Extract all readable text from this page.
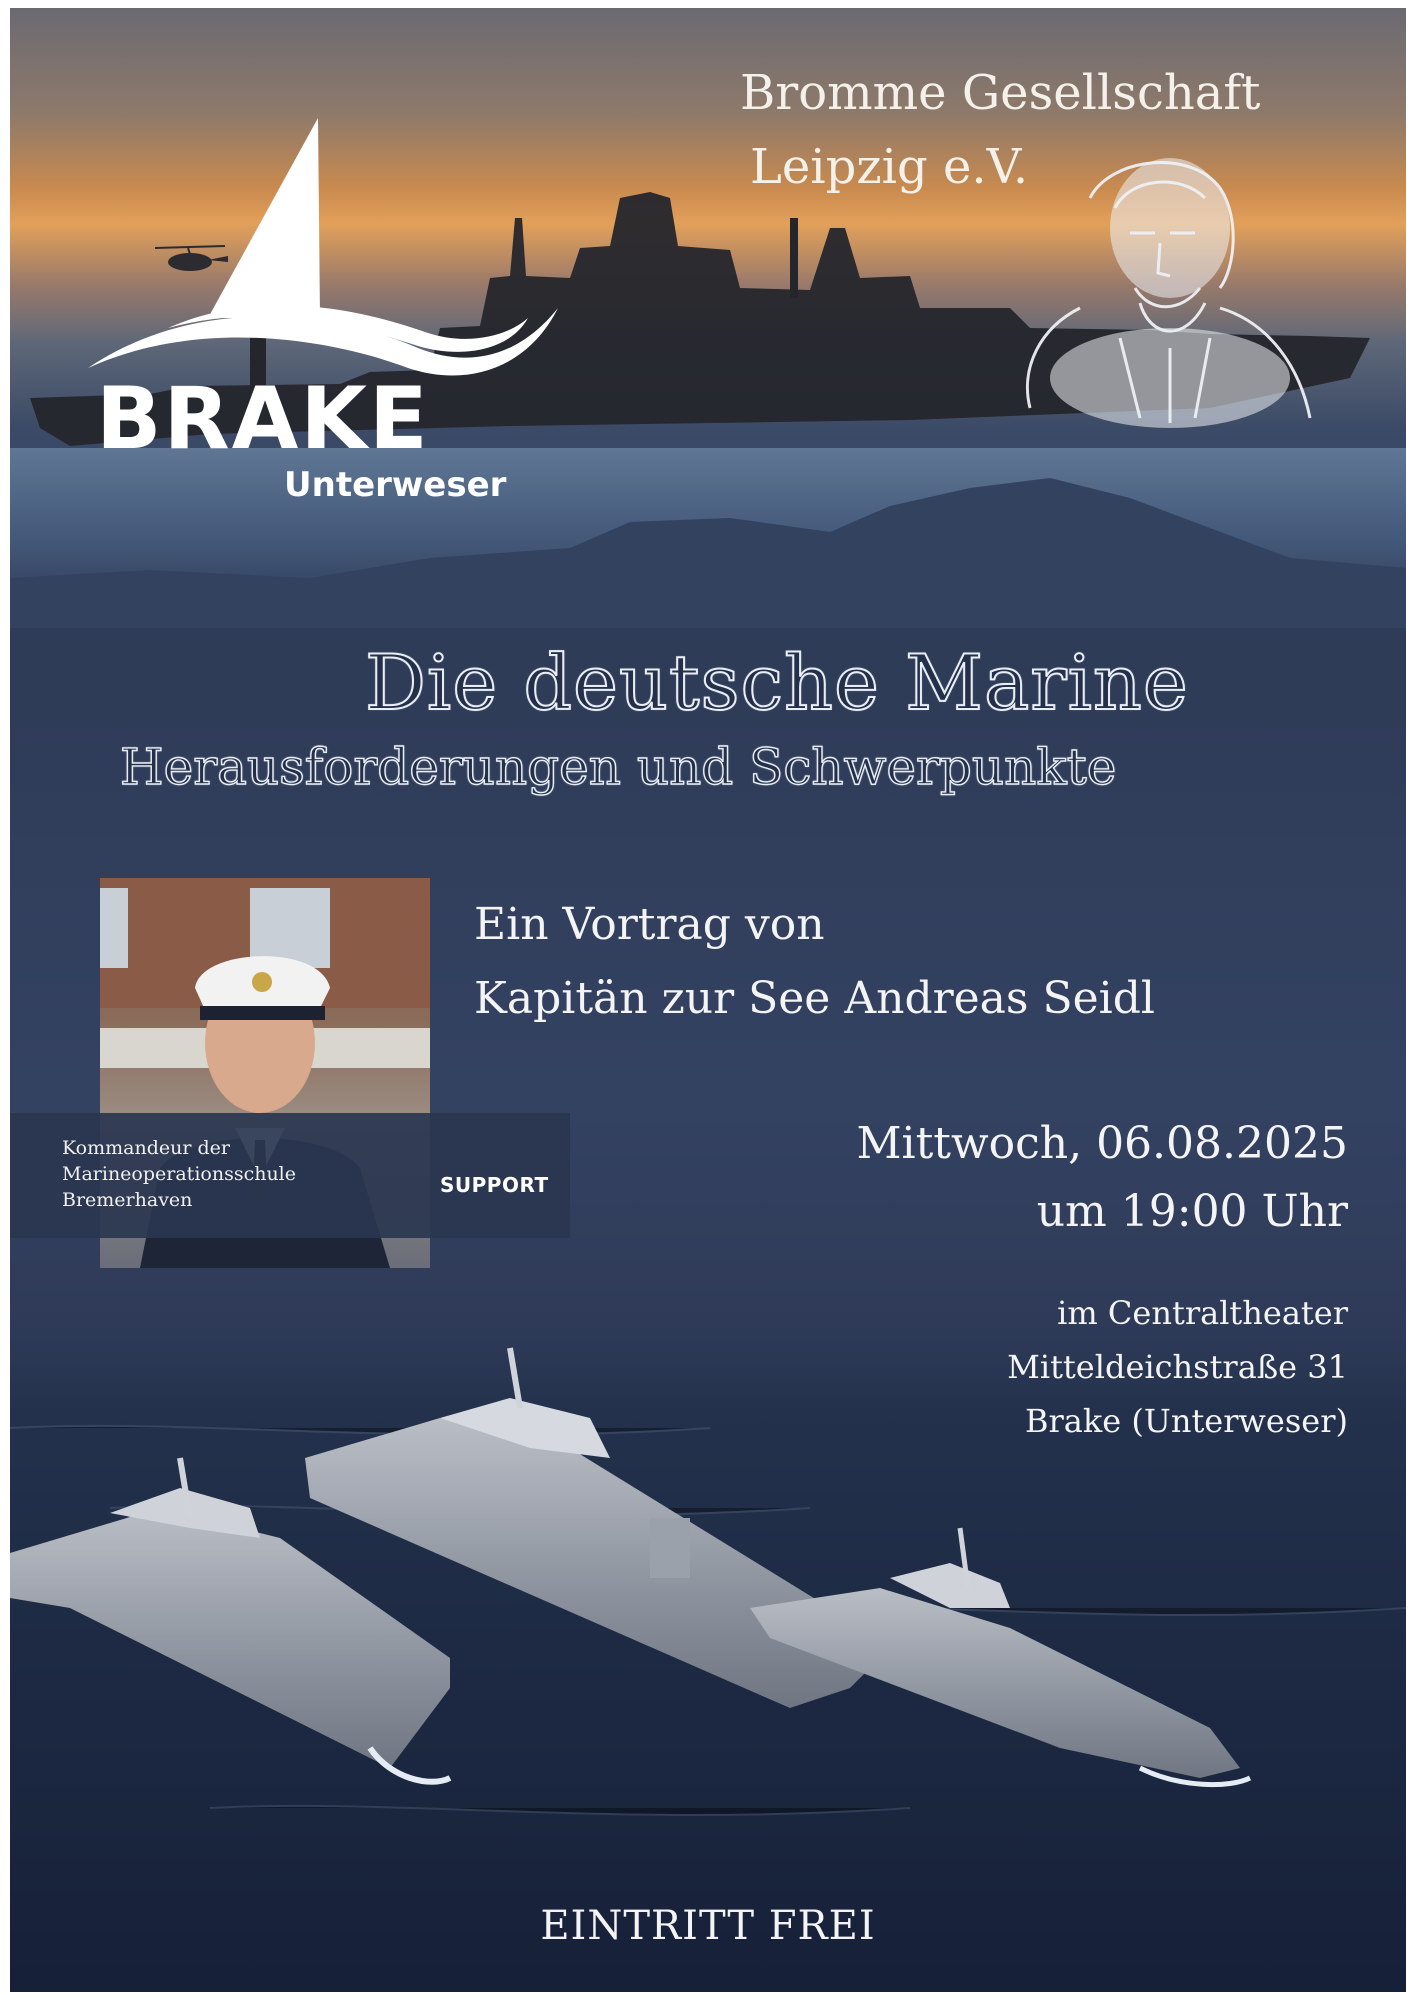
BRAKE
Unterweser
Bromme Gesellschaft
Leipzig e.V.
Die deutsche Marine
Herausforderungen und Schwerpunkte
Kommandeur der
Marineoperationsschule
Bremerhaven
SUPPORT
Ein Vortrag von
Kapitän zur See Andreas Seidl
Mittwoch, 06.08.2025
um 19:00 Uhr
im Centraltheater
Mitteldeichstraße 31
Brake (Unterweser)
EINTRITT FREI
